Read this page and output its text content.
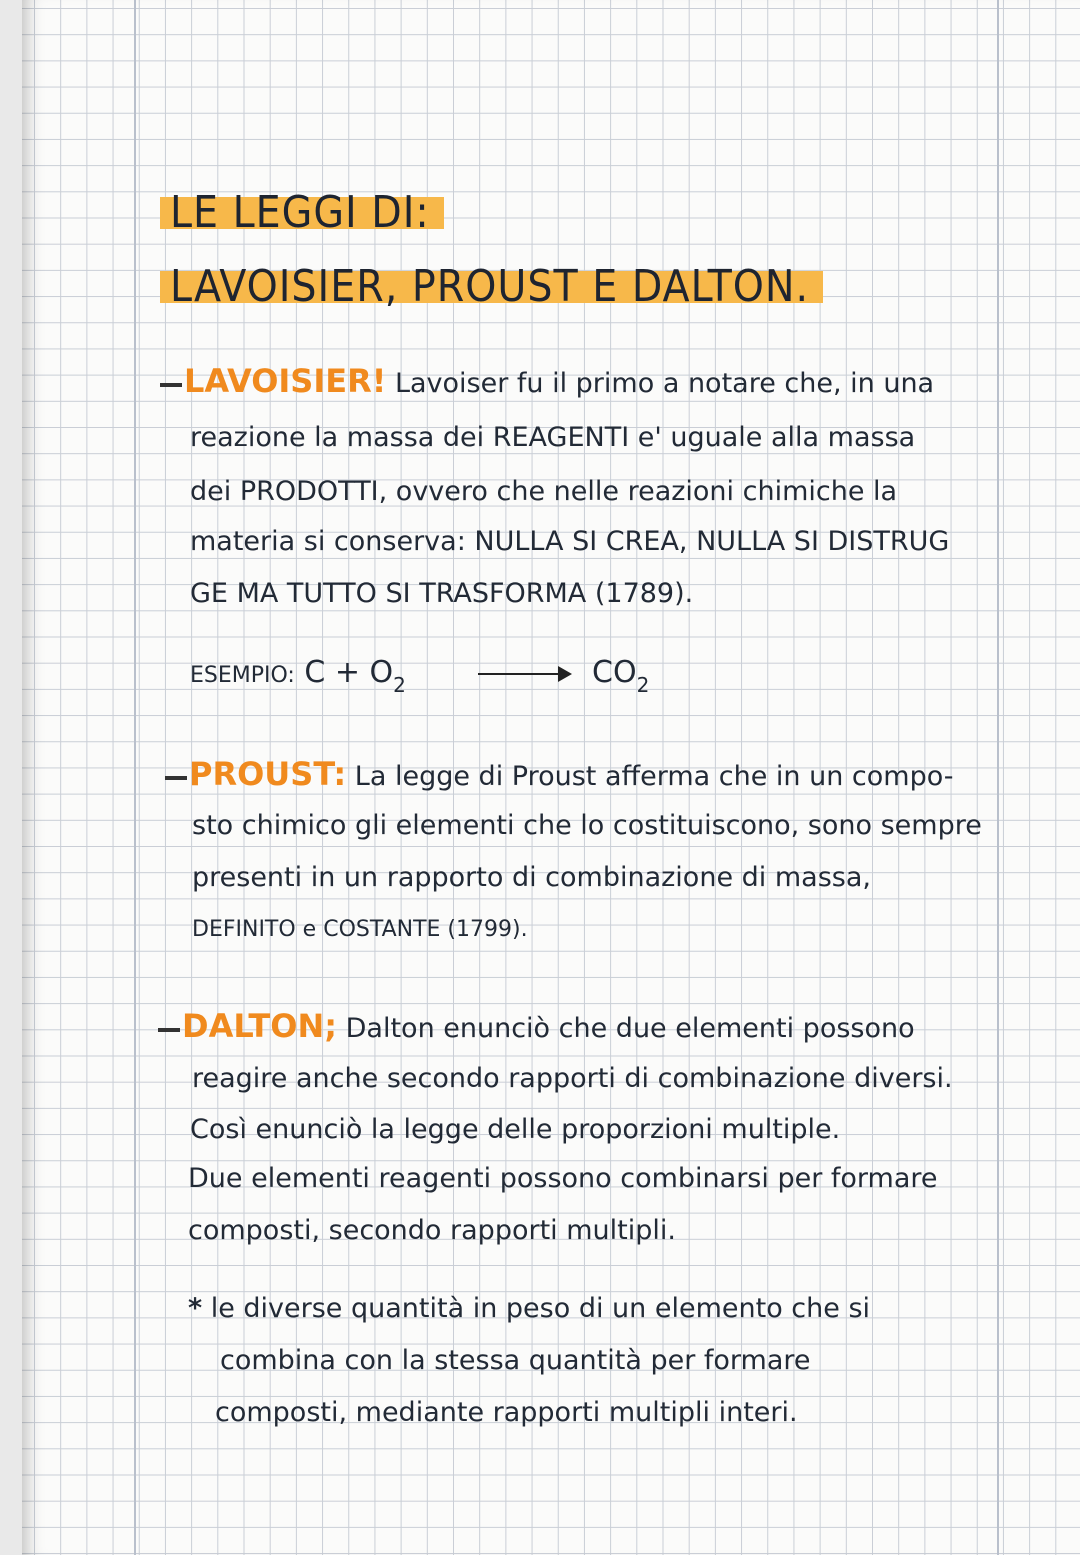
LE LEGGI DI:
LAVOISIER, PROUST E DALTON.
LAVOISIER! Lavoiser fu il primo a notare che, in una
reazione la massa dei REAGENTI e' uguale alla massa
dei PRODOTTI, ovvero che nelle reazioni chimiche la
materia si conserva: NULLA SI CREA, NULLA SI DISTRUG
GE MA TUTTO SI TRASFORMA (1789).
ESEMPIO: $C + O_2$	$CO_2$
PROUST: La legge di Proust afferma che in un compo-
sto chimico gli elementi che lo costituiscono, sono sempre
presenti in un rapporto di combinazione di massa,
DEFINITO e COSTANTE (1799).
DALTON; Dalton enunciò che due elementi possono
reagire anche secondo rapporti di combinazione diversi.
Così enunciò la legge delle proporzioni multiple.
Due elementi reagenti possono combinarsi per formare
composti, secondo rapporti multipli.
* le diverse quantità in peso di un elemento che si
combina con la stessa quantità per formare
composti, mediante rapporti multipli interi.
